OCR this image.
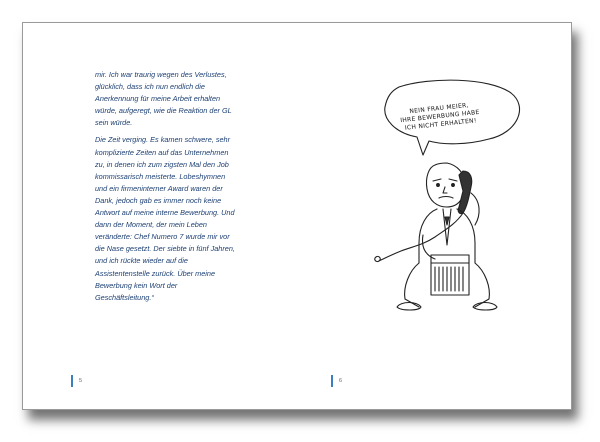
mir. Ich war traurig wegen des Verlustes,
glücklich, dass ich nun endlich die
Anerkennung für meine Arbeit erhalten
würde, aufgeregt, wie die Reaktion der GL
sein würde.

Die Zeit verging. Es kamen schwere, sehr
komplizierte Zeiten auf das Unternehmen
zu, in denen ich zum zigsten Mal den Job
kommissarisch meisterte. Lobeshymnen
und ein firmeninterner Award waren der
Dank, jedoch gab es immer noch keine
Antwort auf meine interne Bewerbung. Und
dann der Moment, der mein Leben
veränderte: Chef Numero 7 wurde mir vor
die Nase gesetzt. Der siebte in fünf Jahren,
und ich rückte wieder auf die
Assistentenstelle zurück. Über meine
Bewerbung kein Wort der
Geschäftsleitung.“

5	6
NEIN FRAU MEIER,
IHRE BEWERBUNG HABE
ICH NICHT ERHALTEN!
